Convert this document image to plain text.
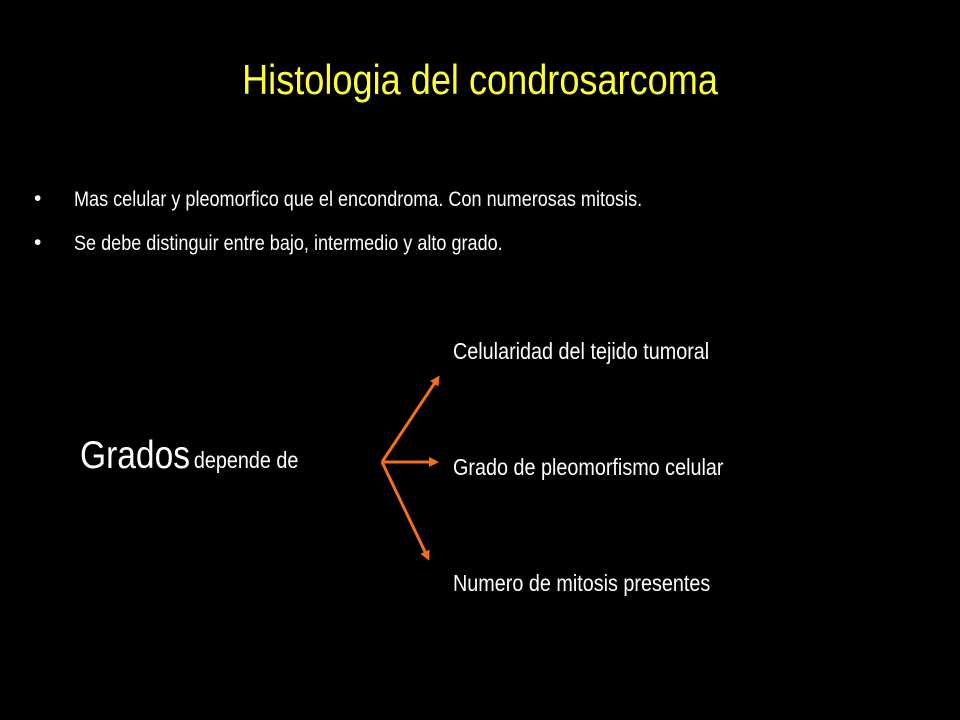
Histologia del condrosarcoma
•	Mas celular y pleomorfico que el encondroma. Con numerosas mitosis.
•	Se debe distinguir entre bajo, intermedio y alto grado.
Grados depende de
Celularidad del tejido tumoral
Grado de pleomorfismo celular
Numero de mitosis presentes
